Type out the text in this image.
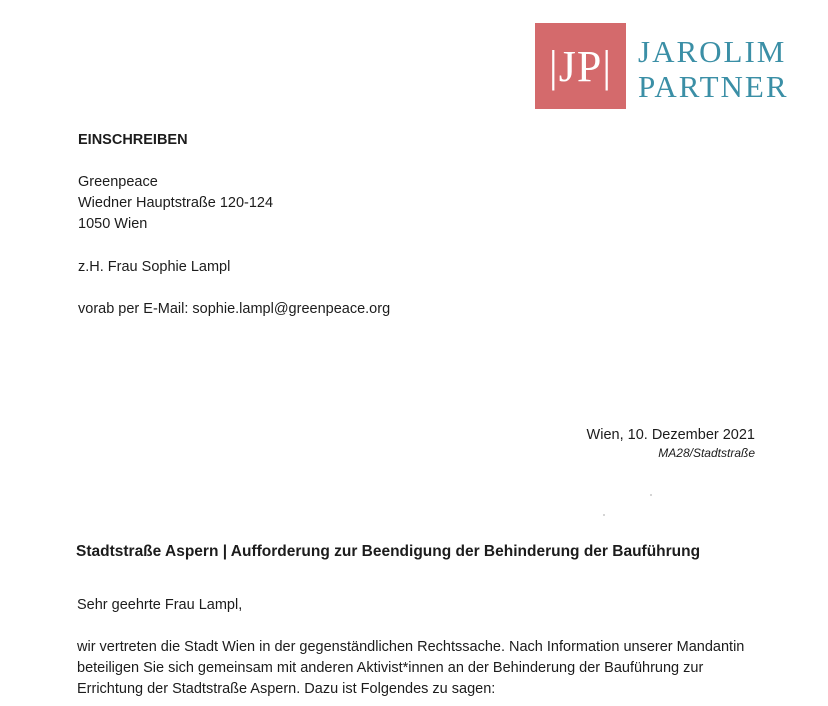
|JP| JAROLIM
PARTNER
EINSCHREIBEN
Greenpeace
Wiedner Hauptstraße 120-124
1050 Wien
z.H. Frau Sophie Lampl
vorab per E-Mail: sophie.lampl@greenpeace.org
Wien, 10. Dezember 2021
MA28/Stadtstraße
Stadtstraße Aspern | Aufforderung zur Beendigung der Behinderung der Bauführung
Sehr geehrte Frau Lampl,
wir vertreten die Stadt Wien in der gegenständlichen Rechtssache. Nach Information unserer Mandantin
beteiligen Sie sich gemeinsam mit anderen Aktivist*innen an der Behinderung der Bauführung zur
Errichtung der Stadtstraße Aspern. Dazu ist Folgendes zu sagen:
